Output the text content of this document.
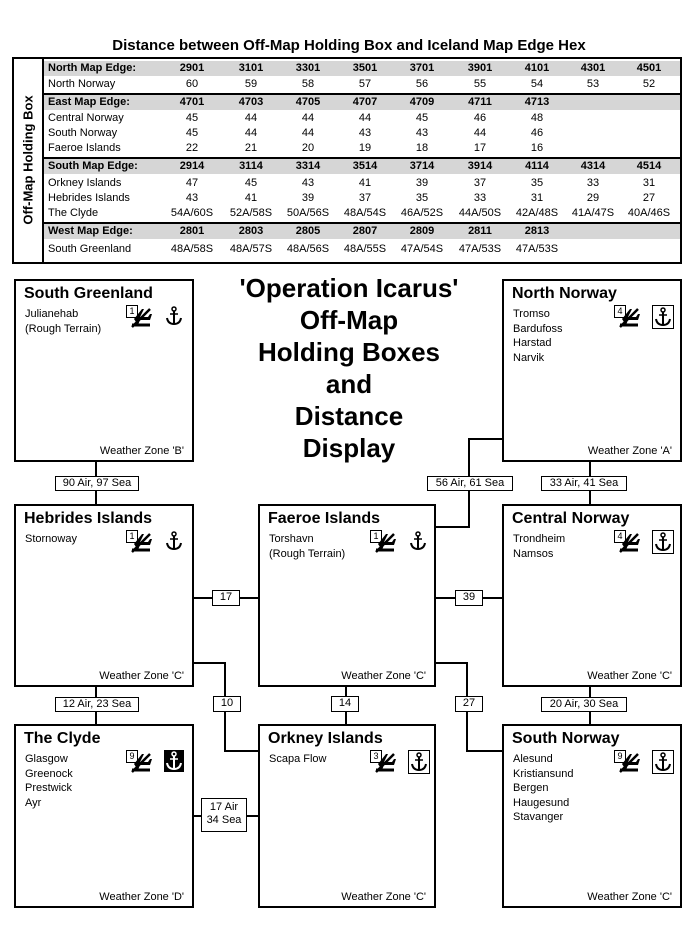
Distance between Off-Map Holding Box and Iceland Map Edge Hex
Off-Map Holding Box
North Map Edge:	2901	3101	3301	3501	3701	3901	4101	4301	4501
North Norway	60	59	58	57	56	55	54	53	52
East Map Edge:	4701	4703	4705	4707	4709	4711	4713
Central Norway	45	44	44	44	45	46	48
South Norway	45	44	44	43	43	44	46
Faeroe Islands	22	21	20	19	18	17	16
South Map Edge:	2914	3114	3314	3514	3714	3914	4114	4314	4514
Orkney Islands	47	45	43	41	39	37	35	33	31
Hebrides Islands	43	41	39	37	35	33	31	29	27
The Clyde	54A/60S	52A/58S	50A/56S	48A/54S	46A/52S	44A/50S	42A/48S	41A/47S	40A/46S
West Map Edge:	2801	2803	2805	2807	2809	2811	2813
South Greenland	48A/58S	48A/57S	48A/56S	48A/55S	47A/54S	47A/53S	47A/53S
'Operation Icarus'
Off-Map
Holding Boxes
and
Distance
Display
South Greenland
Julianehab
(Rough Terrain)
1
Weather Zone 'B'
North Norway
Tromso
Bardufoss
Harstad
Narvik
4
Weather Zone 'A'
Hebrides Islands
Stornoway	1
Weather Zone 'C'
Faeroe Islands
Torshavn
(Rough Terrain)
1
Weather Zone 'C'
Central Norway
Trondheim
Namsos
4
Weather Zone 'C'
The Clyde
Glasgow
Greenock
Prestwick
Ayr
9
Weather Zone 'D'
Orkney Islands
Scapa Flow	3
Weather Zone 'C'
South Norway
Alesund
Kristiansund
Bergen
Haugesund
Stavanger
9
Weather Zone 'C'
90 Air, 97 Sea	56 Air, 61 Sea	33 Air, 41 Sea
17	39
12 Air, 23 Sea	10	14	27	20 Air, 30 Sea
17 Air
34 Sea
